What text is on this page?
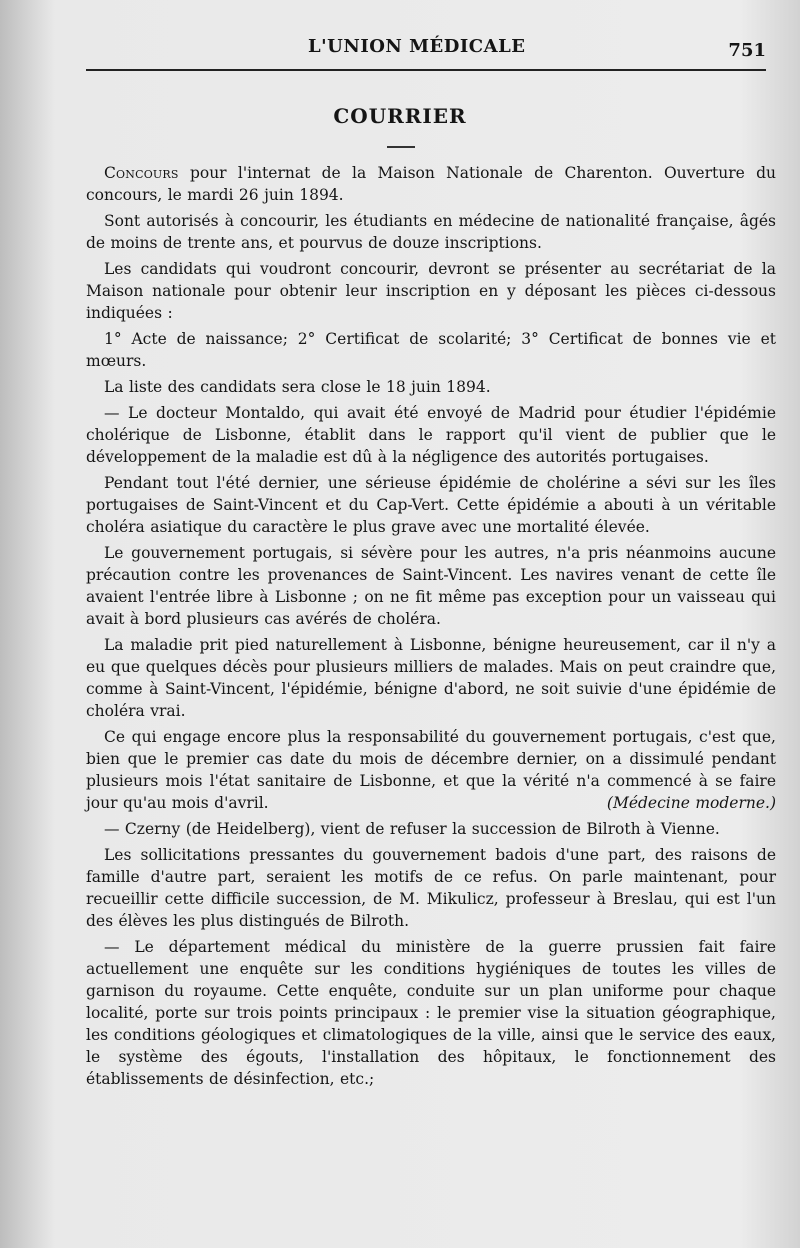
L'UNION MÉDICALE	751
COURRIER

Concours pour l'internat de la Maison Nationale de Charenton. Ouverture du concours, le mardi 26 juin 1894.

Sont autorisés à concourir, les étudiants en médecine de nationalité française, âgés de moins de trente ans, et pourvus de douze inscriptions.

Les candidats qui voudront concourir, devront se présenter au secrétariat de la Maison nationale pour obtenir leur inscription en y déposant les pièces ci-dessous indiquées :

1° Acte de naissance; 2° Certificat de scolarité; 3° Certificat de bonnes vie et mœurs.

La liste des candidats sera close le 18 juin 1894.

— Le docteur Montaldo, qui avait été envoyé de Madrid pour étudier l'épidémie cholérique de Lisbonne, établit dans le rapport qu'il vient de publier que le développement de la maladie est dû à la négligence des autorités portugaises.

Pendant tout l'été dernier, une sérieuse épidémie de cholérine a sévi sur les îles portugaises de Saint-Vincent et du Cap-Vert. Cette épidémie a abouti à un véritable choléra asiatique du caractère le plus grave avec une mortalité élevée.

Le gouvernement portugais, si sévère pour les autres, n'a pris néanmoins aucune précaution contre les provenances de Saint-Vincent. Les navires venant de cette île avaient l'entrée libre à Lisbonne ; on ne fit même pas exception pour un vaisseau qui avait à bord plusieurs cas avérés de choléra.

La maladie prit pied naturellement à Lisbonne, bénigne heureusement, car il n'y a eu que quelques décès pour plusieurs milliers de malades. Mais on peut craindre que, comme à Saint-Vincent, l'épidémie, bénigne d'abord, ne soit suivie d'une épidémie de choléra vrai.

Ce qui engage encore plus la responsabilité du gouvernement portugais, c'est que, bien que le premier cas date du mois de décembre dernier, on a dissimulé pendant plusieurs mois l'état sanitaire de Lisbonne, et que la vérité n'a commencé à se faire jour qu'au mois d'avril.	(Médecine moderne.)

— Czerny (de Heidelberg), vient de refuser la succession de Bilroth à Vienne.

Les sollicitations pressantes du gouvernement badois d'une part, des raisons de famille d'autre part, seraient les motifs de ce refus. On parle maintenant, pour recueillir cette difficile succession, de M. Mikulicz, professeur à Breslau, qui est l'un des élèves les plus distingués de Bilroth.

— Le département médical du ministère de la guerre prussien fait faire actuellement une enquête sur les conditions hygiéniques de toutes les villes de garnison du royaume. Cette enquête, conduite sur un plan uniforme pour chaque localité, porte sur trois points principaux : le premier vise la situation géographique, les conditions géologiques et climatologiques de la ville, ainsi que le service des eaux, le système des égouts, l'installation des hôpitaux, le fonctionnement des établissements de désinfection, etc.;
